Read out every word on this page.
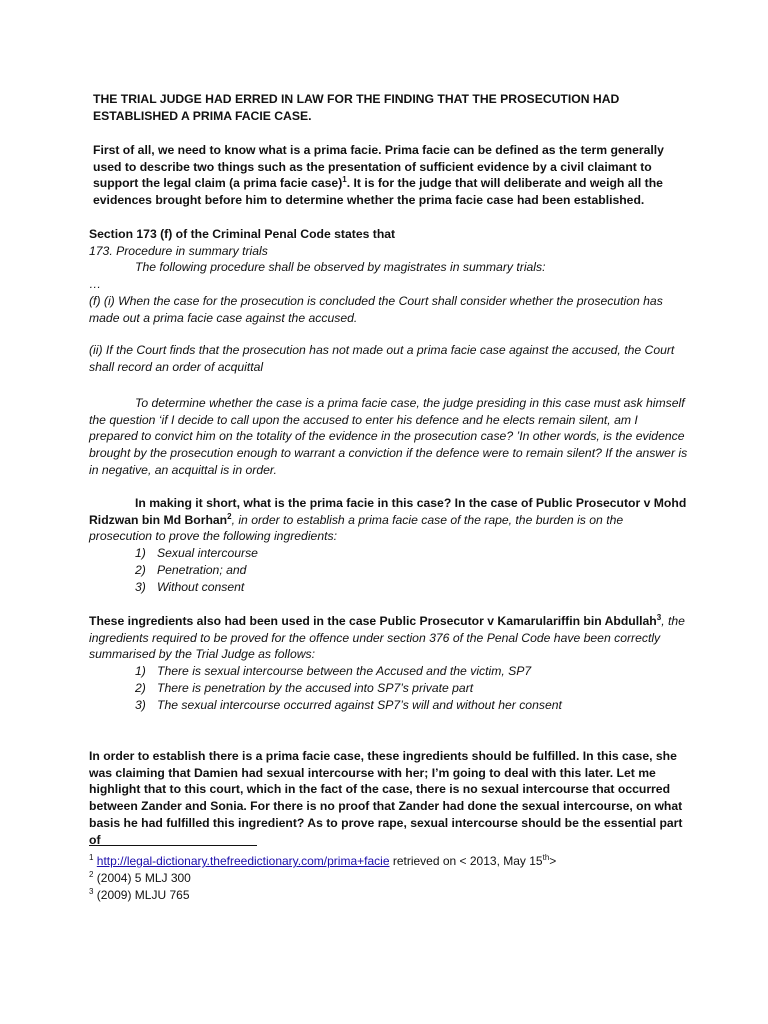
THE TRIAL JUDGE HAD ERRED IN LAW FOR THE FINDING THAT THE PROSECUTION HAD ESTABLISHED A PRIMA FACIE CASE.

First of all, we need to know what is a prima facie. Prima facie can be defined as the term generally used to describe two things such as the presentation of sufficient evidence by a civil claimant to support the legal claim (a prima facie case)$^1$. It is for the judge that will deliberate and weigh all the evidences brought before him to determine whether the prima facie case had been established.

Section 173 (f) of the Criminal Penal Code states that

173. Procedure in summary trials

The following procedure shall be observed by magistrates in summary trials:

…

(f) (i) When the case for the prosecution is concluded the Court shall consider whether the prosecution has made out a prima facie case against the accused.

(ii) If the Court finds that the prosecution has not made out a prima facie case against the accused, the Court shall record an order of acquittal

To determine whether the case is a prima facie case, the judge presiding in this case must ask himself the question ‘if I decide to call upon the accused to enter his defence and he elects remain silent, am I prepared to convict him on the totality of the evidence in the prosecution case? ’In other words, is the evidence brought by the prosecution enough to warrant a conviction if the defence were to remain silent? If the answer is in negative, an acquittal is in order.

In making it short, what is the prima facie in this case? In the case of Public Prosecutor v Mohd Ridzwan bin Md Borhan$^2$, in order to establish a prima facie case of the rape, the burden is on the prosecution to prove the following ingredients:

1) Sexual intercourse
2) Penetration; and
3) Without consent

These ingredients also had been used in the case Public Prosecutor v Kamarulariffin bin Abdullah$^3$, the ingredients required to be proved for the offence under section 376 of the Penal Code have been correctly summarised by the Trial Judge as follows:

1) There is sexual intercourse between the Accused and the victim, SP7
2) There is penetration by the accused into SP7’s private part
3) The sexual intercourse occurred against SP7’s will and without her consent

In order to establish there is a prima facie case, these ingredients should be fulfilled. In this case, she was claiming that Damien had sexual intercourse with her; I’m going to deal with this later. Let me highlight that to this court, which in the fact of the case, there is no sexual intercourse that occurred between Zander and Sonia. For there is no proof that Zander had done the sexual intercourse, on what basis he had fulfilled this ingredient? As to prove rape, sexual intercourse should be the essential part of

$^1$ http://legal-dictionary.thefreedictionary.com/prima+facie retrieved on < 2013, May 15th>
$^2$ (2004) 5 MLJ 300
$^3$ (2009) MLJU 765
